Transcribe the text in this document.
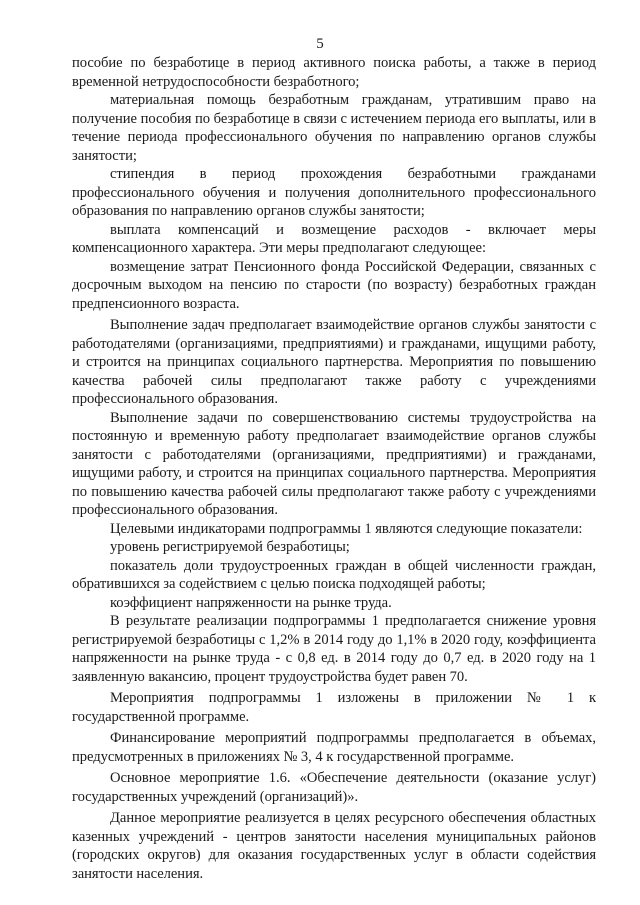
5

пособие по безработице в период активного поиска работы, а также в период временной нетрудоспособности безработного;

материальная помощь безработным гражданам, утратившим право на получение пособия по безработице в связи с истечением периода его выплаты, или в течение периода профессионального обучения по направлению органов службы занятости;

стипендия в период прохождения безработными гражданами профессионального обучения и получения дополнительного профессионального образования по направлению органов службы занятости;

выплата компенсаций и возмещение расходов - включает меры компенсационного характера. Эти меры предполагают следующее:

возмещение затрат Пенсионного фонда Российской Федерации, связанных с досрочным выходом на пенсию по старости (по возрасту) безработных граждан предпенсионного возраста.

Выполнение задач предполагает взаимодействие органов службы занятости с работодателями (организациями, предприятиями) и гражданами, ищущими работу, и строится на принципах социального партнерства. Мероприятия по повышению качества рабочей силы предполагают также работу с учреждениями профессионального образования.

Выполнение задачи по совершенствованию системы трудоустройства на постоянную и временную работу предполагает взаимодействие органов службы занятости с работодателями (организациями, предприятиями) и гражданами, ищущими работу, и строится на принципах социального партнерства. Мероприятия по повышению качества рабочей силы предполагают также работу с учреждениями профессионального образования.

Целевыми индикаторами подпрограммы 1 являются следующие показатели:

уровень регистрируемой безработицы;

показатель доли трудоустроенных граждан в общей численности граждан, обратившихся за содействием с целью поиска подходящей работы;

коэффициент напряженности на рынке труда.

В результате реализации подпрограммы 1 предполагается снижение уровня регистрируемой безработицы с 1,2% в 2014 году до 1,1% в 2020 году, коэффициента напряженности на рынке труда - с 0,8 ед. в 2014 году до 0,7 ед. в 2020 году на 1 заявленную вакансию, процент трудоустройства будет равен 70.

Мероприятия подпрограммы 1 изложены в приложении № 1 к государственной программе.

Финансирование мероприятий подпрограммы предполагается в объемах, предусмотренных в приложениях № 3, 4 к государственной программе.

Основное мероприятие 1.6. «Обеспечение деятельности (оказание услуг) государственных учреждений (организаций)».

Данное мероприятие реализуется в целях ресурсного обеспечения областных казенных учреждений - центров занятости населения муниципальных районов (городских округов) для оказания государственных услуг в области содействия занятости населения.
